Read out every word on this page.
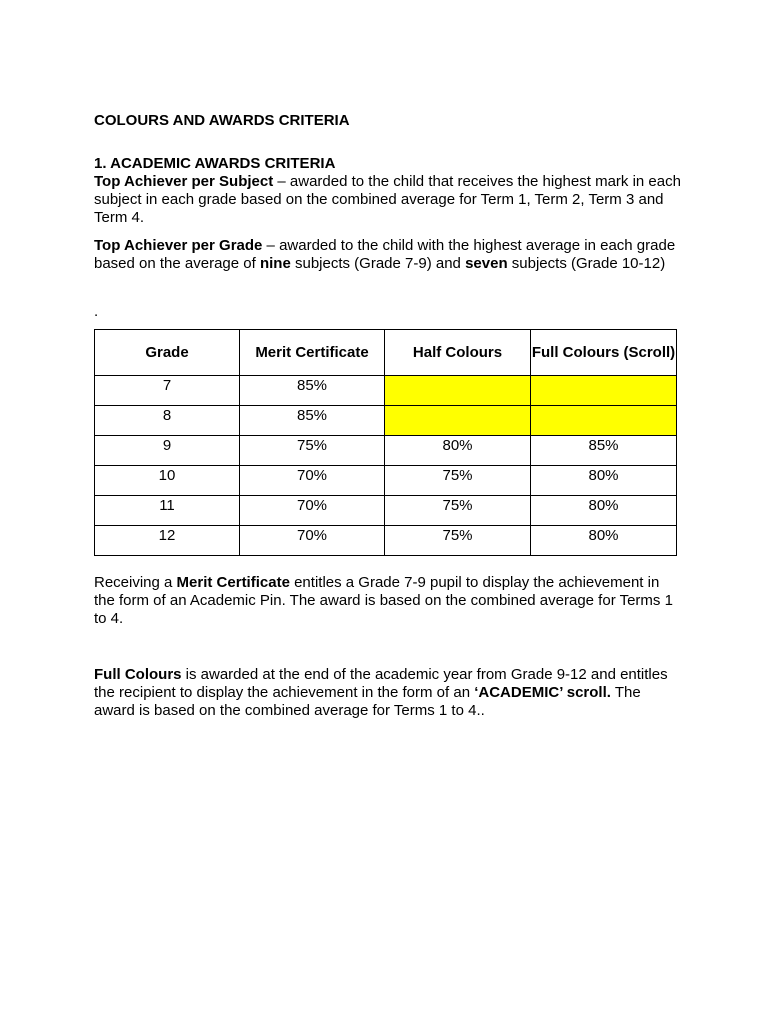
COLOURS AND AWARDS CRITERIA
1. ACADEMIC AWARDS CRITERIA
Top Achiever per Subject – awarded to the child that receives the highest mark in each subject in each grade based on the combined average for Term 1, Term 2, Term 3 and Term 4.
Top Achiever per Grade – awarded to the child with the highest average in each grade based on the average of nine subjects (Grade 7-9) and seven subjects (Grade 10-12)
.
Grade	Merit Certificate	Half Colours	Full Colours (Scroll)
7	85%		
8	85%		
9	75%	80%	85%
10	70%	75%	80%
11	70%	75%	80%
12	70%	75%	80%
Receiving a Merit Certificate entitles a Grade 7-9 pupil to display the achievement in the form of an Academic Pin. The award is based on the combined average for Terms 1 to 4.
Full Colours is awarded at the end of the academic year from Grade 9-12 and entitles the recipient to display the achievement in the form of an ‘ACADEMIC’ scroll. The award is based on the combined average for Terms 1 to 4..
